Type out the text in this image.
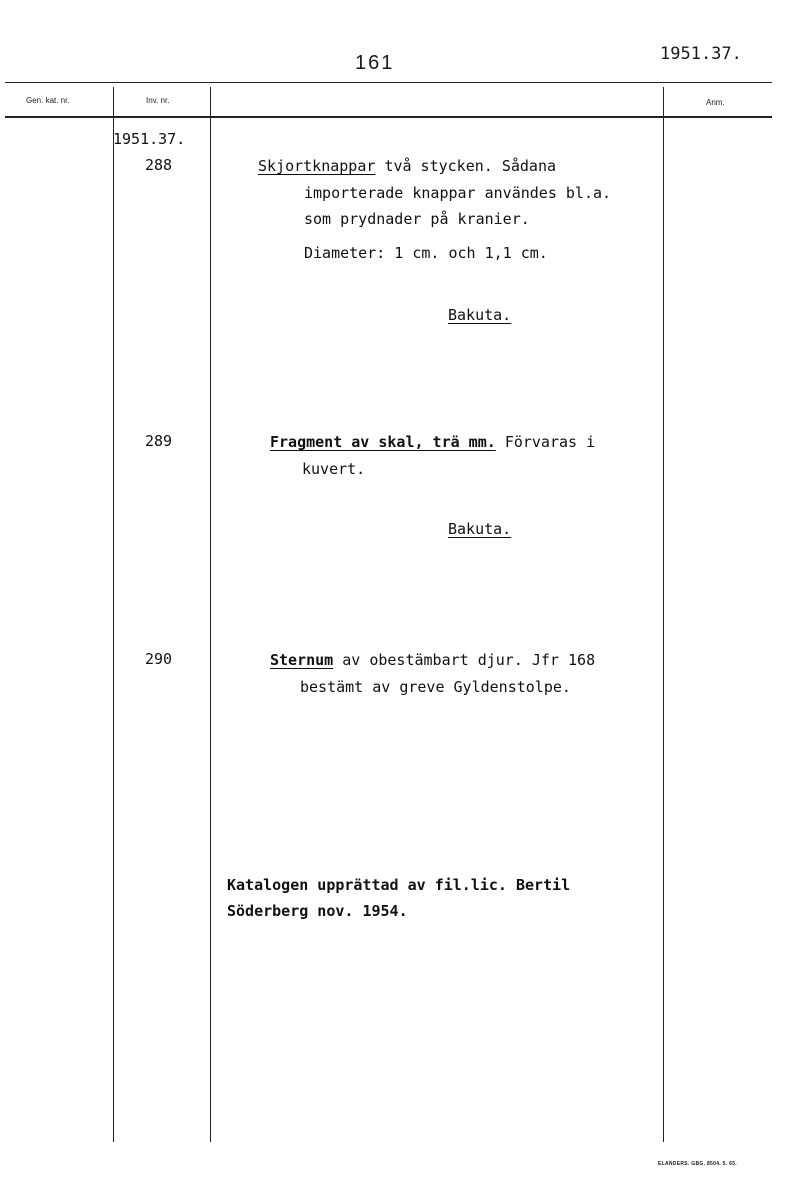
161	1951.37.
Gen. kat. nr.	Inv. nr.	Anm.
1951.37.
288	Skjortknappar två stycken. Sådana
importerade knappar användes bl.a.
som prydnader på kranier.
Diameter: 1 cm. och 1,1 cm.
Bakuta.
289	Fragment av skal, trä mm. Förvaras i
kuvert.
Bakuta.
290	Sternum av obestämbart djur. Jfr 168
bestämt av greve Gyldenstolpe.
Katalogen upprättad av fil.lic. Bertil
Söderberg nov. 1954.
ELANDERS. GBG. 8504. 5. 65.
